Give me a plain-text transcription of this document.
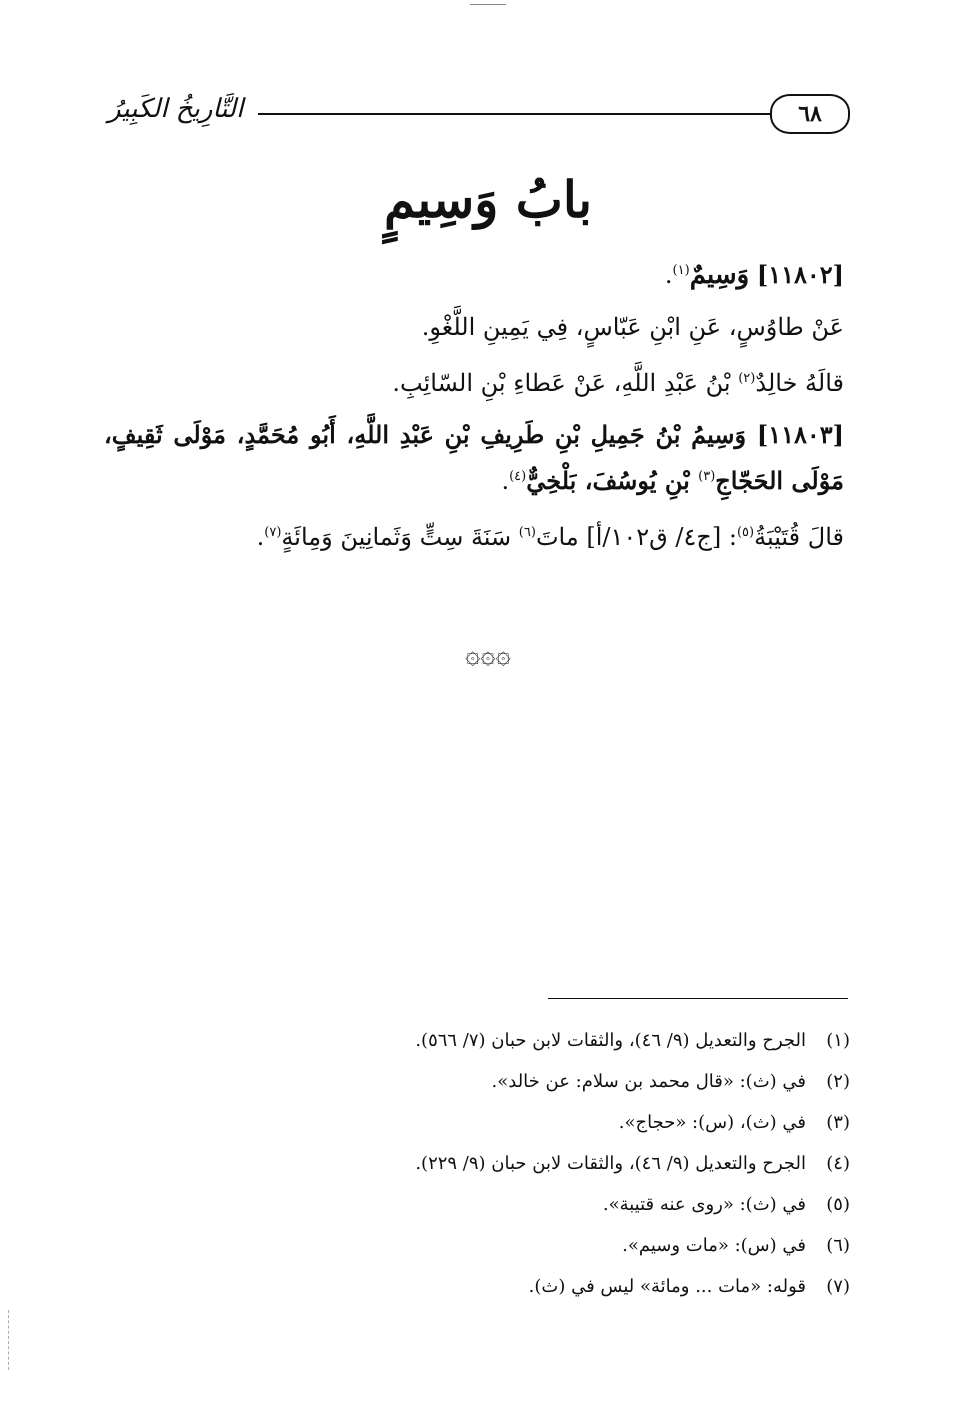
٦٨
التَّارِيخُ الكَبِيرُ
بابُ وَسِيمٍ

[١١٨٠٢] وَسِيمٌ$^{(١)}$.

عَنْ طاوُسٍ، عَنِ ابْنِ عَبّاسٍ، فِي يَمِينِ اللَّغْوِ.

قالَهُ خالِدٌ$^{(٢)}$ بْنُ عَبْدِ اللَّهِ، عَنْ عَطاءِ بْنِ السّائِبِ.

[١١٨٠٣] وَسِيمُ بْنُ جَمِيلِ بْنِ طَرِيفِ بْنِ عَبْدِ اللَّهِ، أَبُو مُحَمَّدٍ، مَوْلَى ثَقِيفٍ، مَوْلَى الحَجّاجِ$^{(٣)}$ بْنِ يُوسُفَ، بَلْخِيٌّ$^{(٤)}$.

قالَ قُتَيْبَةُ$^{(٥)}$: [ج٤/ ق١٠٢/أ] ماتَ$^{(٦)}$ سَنَةَ سِتٍّ وَثَمانِينَ وَمِائَةٍ$^{(٧)}$.

۞۞۞
(١)
الجرح والتعديل (٩/ ٤٦)، والثقات لابن حبان (٧/ ٥٦٦).
(٢)
في (ث): «قال محمد بن سلام: عن خالد».
(٣)
في (ث)، (س): «حجاج».
(٤)
الجرح والتعديل (٩/ ٤٦)، والثقات لابن حبان (٩/ ٢٢٩).
(٥)
في (ث): «روى عنه قتيبة».
(٦)
في (س): «مات وسيم».
(٧)
قوله: «مات ... ومائة» ليس في (ث).
